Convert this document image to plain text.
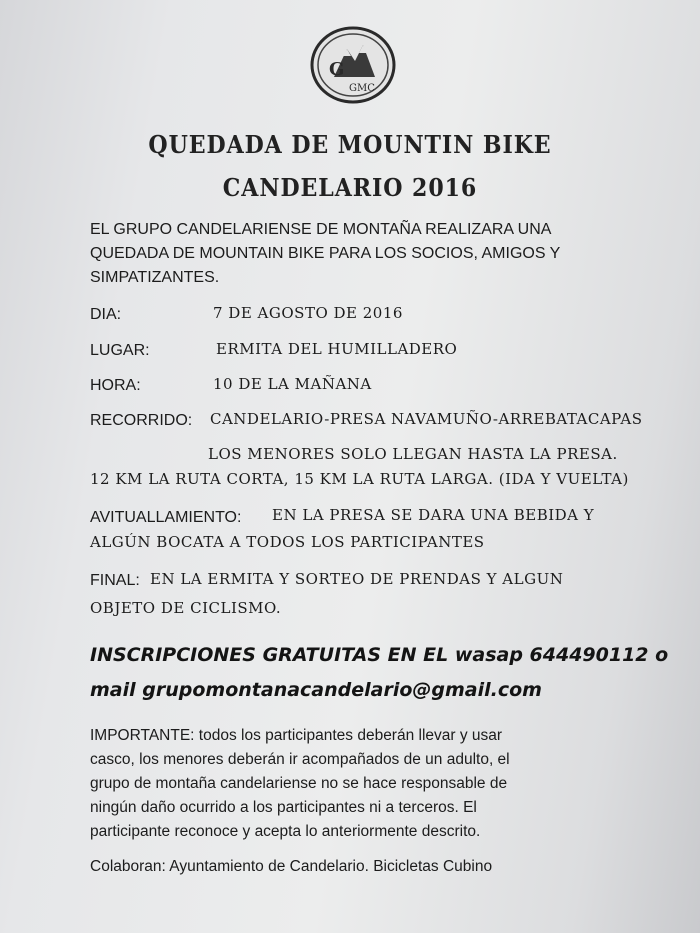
G
GMC
QUEDADA DE MOUNTIN BIKE
CANDELARIO 2016
EL GRUPO CANDELARIENSE DE MONTAÑA REALIZARA UNA
QUEDADA DE MOUNTAIN BIKE PARA LOS SOCIOS, AMIGOS Y
SIMPATIZANTES.
DIA:	7 DE AGOSTO DE 2016
LUGAR:	ERMITA DEL HUMILLADERO
HORA:	10 DE LA MAÑANA
RECORRIDO: CANDELARIO-PRESA NAVAMUÑO-ARREBATACAPAS
LOS MENORES SOLO LLEGAN HASTA LA PRESA.
12 KM LA RUTA CORTA, 15 KM LA RUTA LARGA. (IDA Y VUELTA)
AVITUALLAMIENTO: EN LA PRESA SE DARA UNA BEBIDA Y
ALGÚN BOCATA A TODOS LOS PARTICIPANTES
FINAL: EN LA ERMITA Y SORTEO DE PRENDAS Y ALGUN
OBJETO DE CICLISMO.
INSCRIPCIONES GRATUITAS EN EL wasap 644490112 o
mail grupomontanacandelario@gmail.com
IMPORTANTE: todos los participantes deberán llevar y usar
casco, los menores deberán ir acompañados de un adulto, el
grupo de montaña candelariense no se hace responsable de
ningún daño ocurrido a los participantes ni a terceros. El
participante reconoce y acepta lo anteriormente descrito.
Colaboran: Ayuntamiento de Candelario. Bicicletas Cubino
